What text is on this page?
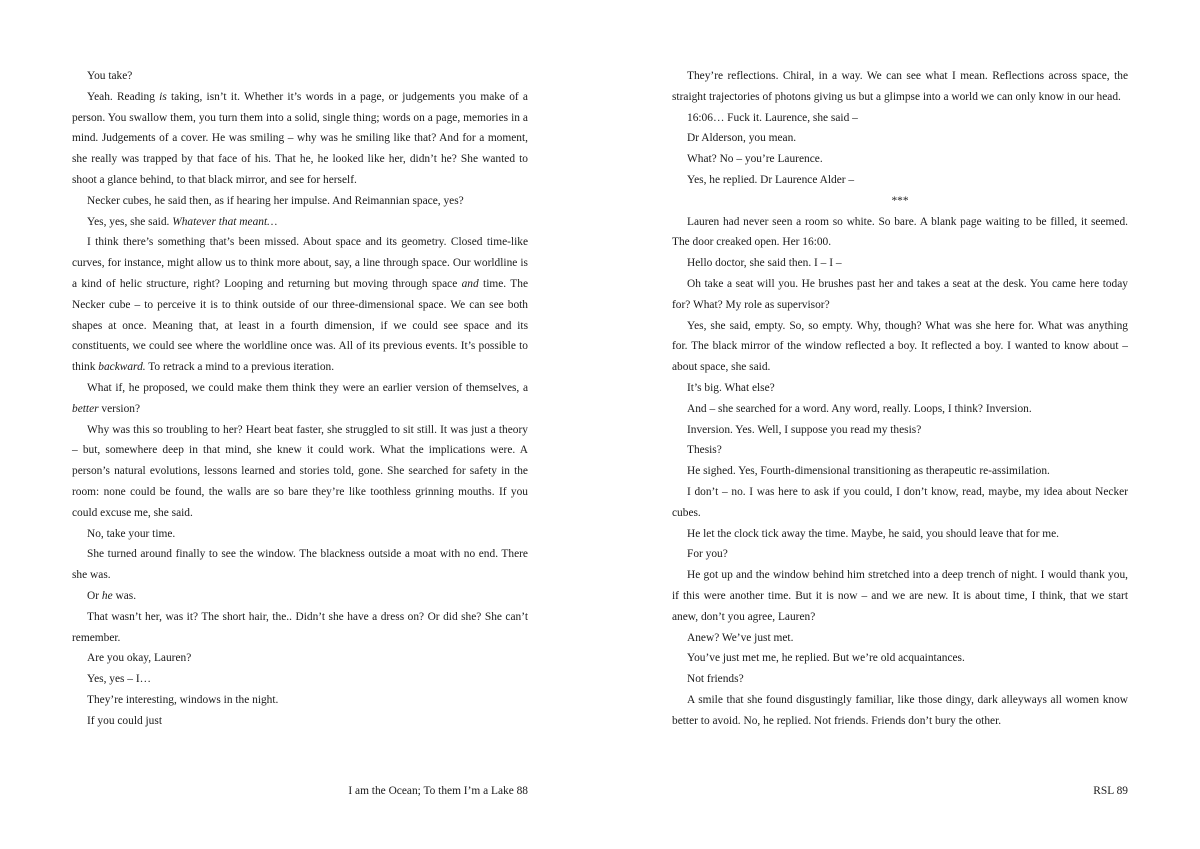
You take?

Yeah. Reading is taking, isn’t it. Whether it’s words in a page, or judgements you make of a person. You swallow them, you turn them into a solid, single thing; words on a page, memories in a mind. Judgements of a cover. He was smiling – why was he smiling like that? And for a moment, she really was trapped by that face of his. That he, he looked like her, didn’t he? She wanted to shoot a glance behind, to that black mirror, and see for herself.

Necker cubes, he said then, as if hearing her impulse. And Reimannian space, yes?

Yes, yes, she said. Whatever that meant…

I think there’s something that’s been missed. About space and its geometry. Closed time-like curves, for instance, might allow us to think more about, say, a line through space. Our worldline is a kind of helic structure, right? Looping and returning but moving through space and time. The Necker cube – to perceive it is to think outside of our three-dimensional space. We can see both shapes at once. Meaning that, at least in a fourth dimension, if we could see space and its constituents, we could see where the worldline once was. All of its previous events. It’s possible to think backward. To retrack a mind to a previous iteration.

What if, he proposed, we could make them think they were an earlier version of themselves, a better version?

Why was this so troubling to her? Heart beat faster, she struggled to sit still. It was just a theory – but, somewhere deep in that mind, she knew it could work. What the implications were. A person’s natural evolutions, lessons learned and stories told, gone. She searched for safety in the room: none could be found, the walls are so bare they’re like toothless grinning mouths. If you could excuse me, she said.

No, take your time.

She turned around finally to see the window. The blackness outside a moat with no end. There she was.

Or he was.

That wasn’t her, was it? The short hair, the.. Didn’t she have a dress on? Or did she? She can’t remember.

Are you okay, Lauren?

Yes, yes – I…

They’re interesting, windows in the night.

If you could just

I am the Ocean; To them I’m a Lake 88

They’re reflections. Chiral, in a way. We can see what I mean. Reflections across space, the straight trajectories of photons giving us but a glimpse into a world we can only know in our head.

16:06… Fuck it. Laurence, she said –

Dr Alderson, you mean.

What? No – you’re Laurence.

Yes, he replied. Dr Laurence Alder –

***

Lauren had never seen a room so white. So bare. A blank page waiting to be filled, it seemed. The door creaked open. Her 16:00.

Hello doctor, she said then. I – I –

Oh take a seat will you. He brushes past her and takes a seat at the desk. You came here today for? What? My role as supervisor?

Yes, she said, empty. So, so empty. Why, though? What was she here for. What was anything for. The black mirror of the window reflected a boy. It reflected a boy. I wanted to know about – about space, she said.

It’s big. What else?

And – she searched for a word. Any word, really. Loops, I think? Inversion.

Inversion. Yes. Well, I suppose you read my thesis?

Thesis?

He sighed. Yes, Fourth-dimensional transitioning as therapeutic re-assimilation.

I don’t – no. I was here to ask if you could, I don’t know, read, maybe, my idea about Necker cubes.

He let the clock tick away the time. Maybe, he said, you should leave that for me.

For you?

He got up and the window behind him stretched into a deep trench of night. I would thank you, if this were another time. But it is now – and we are new. It is about time, I think, that we start anew, don’t you agree, Lauren?

Anew? We’ve just met.

You’ve just met me, he replied. But we’re old acquaintances.

Not friends?

A smile that she found disgustingly familiar, like those dingy, dark alleyways all women know better to avoid. No, he replied. Not friends. Friends don’t bury the other.

RSL 89
